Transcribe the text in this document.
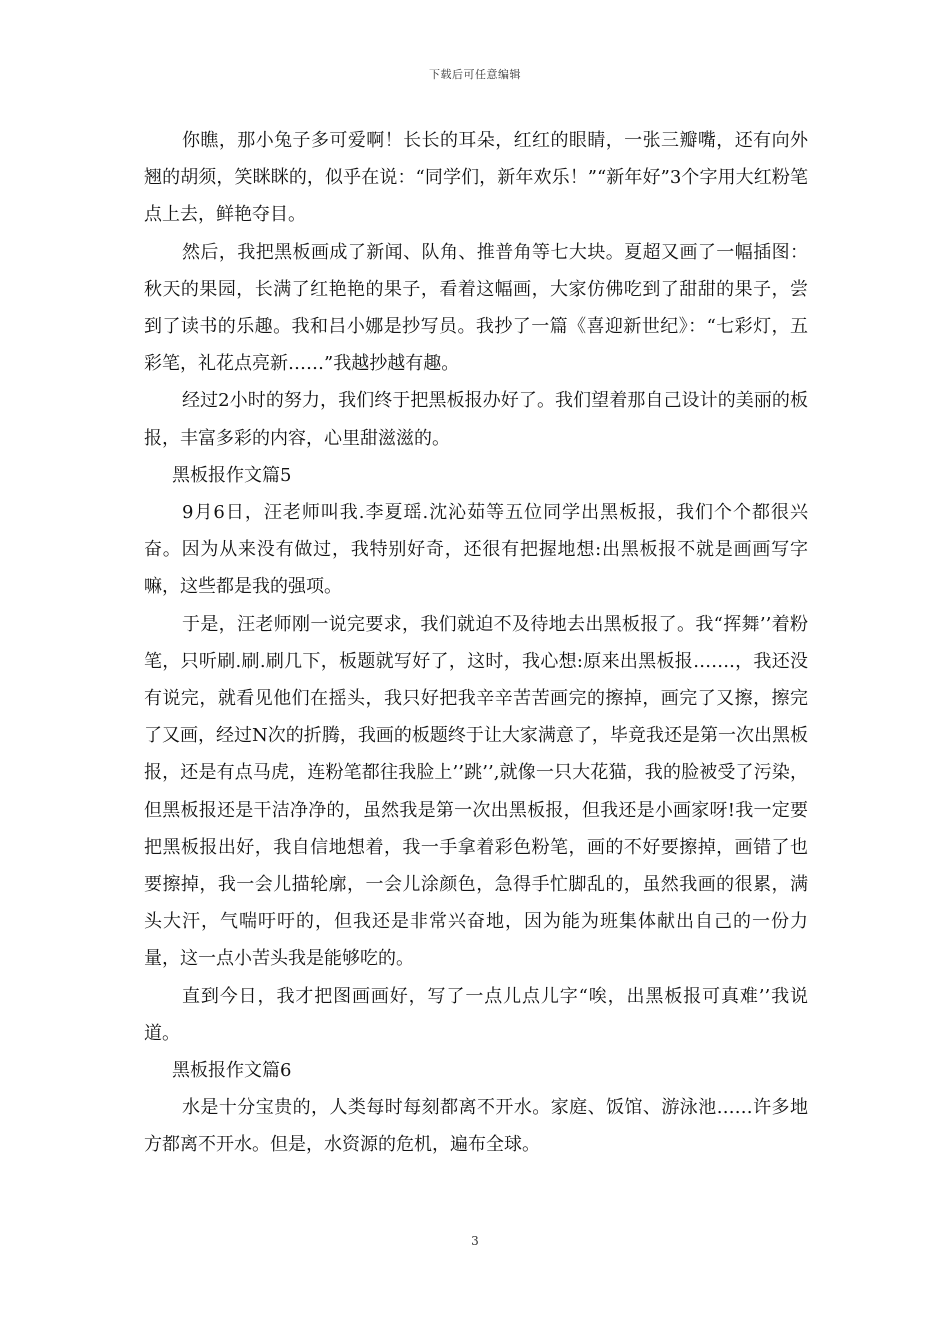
下载后可任意编辑

你瞧，那小兔子多可爱啊！长长的耳朵，红红的眼睛，一张三瓣嘴，还有向外翘的胡须，笑眯眯的，似乎在说：“同学们，新年欢乐！”“新年好”3个字用大红粉笔点上去，鲜艳夺目。

然后，我把黑板画成了新闻、队角、推普角等七大块。夏超又画了一幅插图：秋天的果园，长满了红艳艳的果子，看着这幅画，大家仿佛吃到了甜甜的果子，尝到了读书的乐趣。我和吕小娜是抄写员。我抄了一篇《喜迎新世纪》：“七彩灯，五彩笔，礼花点亮新……”我越抄越有趣。

经过2小时的努力，我们终于把黑板报办好了。我们望着那自己设计的美丽的板报，丰富多彩的内容，心里甜滋滋的。

黑板报作文篇5

9月6日，汪老师叫我.李夏瑶.沈沁茹等五位同学出黑板报，我们个个都很兴奋。因为从来没有做过，我特别好奇，还很有把握地想:出黑板报不就是画画写字嘛，这些都是我的强项。

于是，汪老师刚一说完要求，我们就迫不及待地去出黑板报了。我“挥舞’’着粉笔，只听刷.刷.刷几下，板题就写好了，这时，我心想:原来出黑板报…….，我还没有说完，就看见他们在摇头，我只好把我辛辛苦苦画完的擦掉，画完了又擦，擦完了又画，经过N次的折腾，我画的板题终于让大家满意了，毕竟我还是第一次出黑板报，还是有点马虎，连粉笔都往我脸上’’跳’’,就像一只大花猫，我的脸被受了污染，但黑板报还是干洁净净的，虽然我是第一次出黑板报，但我还是小画家呀!我一定要把黑板报出好，我自信地想着，我一手拿着彩色粉笔，画的不好要擦掉，画错了也要擦掉，我一会儿描轮廓，一会儿涂颜色，急得手忙脚乱的，虽然我画的很累，满头大汗，气喘吁吁的，但我还是非常兴奋地，因为能为班集体献出自己的一份力量，这一点小苦头我是能够吃的。

直到今日，我才把图画画好，写了一点儿点儿字“唉，出黑板报可真难’’我说道。

黑板报作文篇6

水是十分宝贵的，人类每时每刻都离不开水。家庭、饭馆、游泳池……许多地方都离不开水。但是，水资源的危机，遍布全球。

3
